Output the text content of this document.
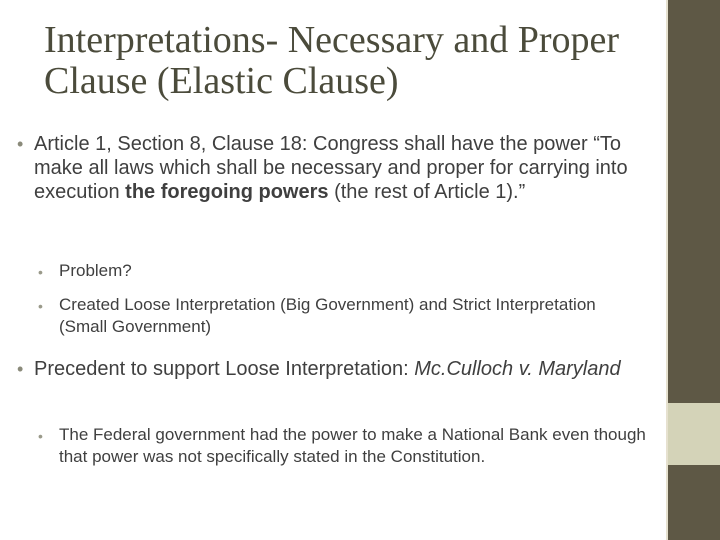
Interpretations- Necessary and Proper Clause (Elastic Clause)
• Article 1, Section 8, Clause 18: Congress shall have the power “To make all laws which shall be necessary and proper for carrying into execution the foregoing powers (the rest of Article 1).”
• Problem?
• Created Loose Interpretation (Big Government) and Strict Interpretation (Small Government)
• Precedent to support Loose Interpretation: Mc.Culloch v. Maryland
• The Federal government had the power to make a National Bank even though that power was not specifically stated in the Constitution.
